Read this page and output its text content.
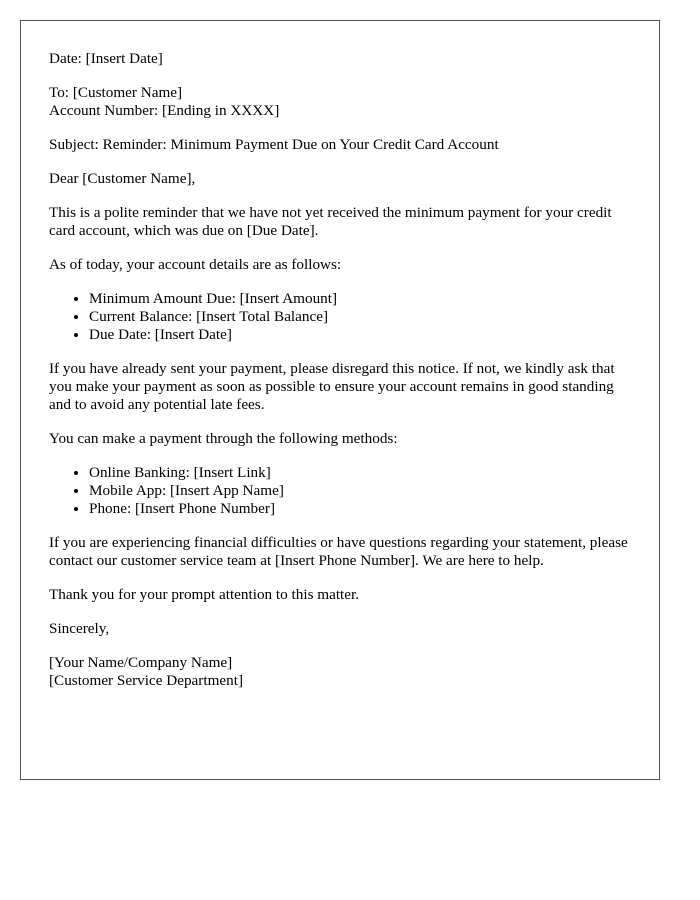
Date: [Insert Date]

To: [Customer Name]
Account Number: [Ending in XXXX]

Subject: Reminder: Minimum Payment Due on Your Credit Card Account

Dear [Customer Name],

This is a polite reminder that we have not yet received the minimum payment for your credit card account, which was due on [Due Date].

As of today, your account details are as follows:

• Minimum Amount Due: [Insert Amount]
• Current Balance: [Insert Total Balance]
• Due Date: [Insert Date]

If you have already sent your payment, please disregard this notice. If not, we kindly ask that you make your payment as soon as possible to ensure your account remains in good standing and to avoid any potential late fees.

You can make a payment through the following methods:

• Online Banking: [Insert Link]
• Mobile App: [Insert App Name]
• Phone: [Insert Phone Number]

If you are experiencing financial difficulties or have questions regarding your statement, please contact our customer service team at [Insert Phone Number]. We are here to help.

Thank you for your prompt attention to this matter.

Sincerely,

[Your Name/Company Name]
[Customer Service Department]
